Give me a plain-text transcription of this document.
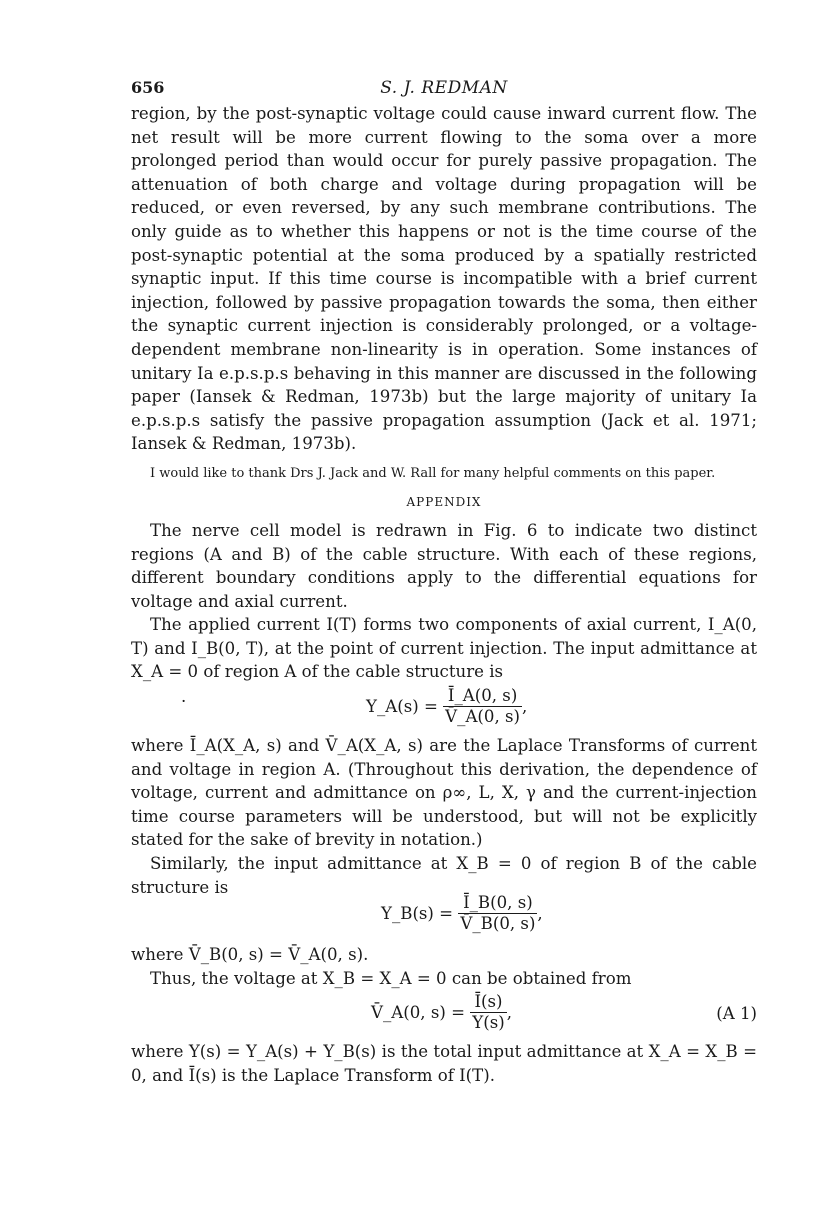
656	S. J. REDMAN

region, by the post-synaptic voltage could cause inward current flow. The net result will be more current flowing to the soma over a more prolonged period than would occur for purely passive propagation. The attenuation of both charge and voltage during propagation will be reduced, or even reversed, by any such membrane contributions. The only guide as to whether this happens or not is the time course of the post-synaptic potential at the soma produced by a spatially restricted synaptic input. If this time course is incompatible with a brief current injection, followed by passive propagation towards the soma, then either the synaptic current injection is considerably prolonged, or a voltage-dependent membrane non-linearity is in operation. Some instances of unitary Ia e.p.s.p.s behaving in this manner are discussed in the following paper (Iansek & Redman, 1973b) but the large majority of unitary Ia e.p.s.p.s satisfy the passive propagation assumption (Jack et al. 1971; Iansek & Redman, 1973b).

I would like to thank Drs J. Jack and W. Rall for many helpful comments on this paper.

APPENDIX

The nerve cell model is redrawn in Fig. 6 to indicate two distinct regions (A and B) of the cable structure. With each of these regions, different boundary conditions apply to the differential equations for voltage and axial current.

The applied current I(T) forms two components of axial current, I_A(0, T) and I_B(0, T), at the point of current injection. The input admittance at X_A = 0 of region A of the cable structure is

·	Y_A(s) = $\frac{Ī\_A(0, s)}{V̄\_A(0, s)}$ ,

where Ī_A(X_A, s) and V̄_A(X_A, s) are the Laplace Transforms of current and voltage in region A. (Throughout this derivation, the dependence of voltage, current and admittance on ρ∞, L, X, γ and the current-injection time course parameters will be understood, but will not be explicitly stated for the sake of brevity in notation.)

Similarly, the input admittance at X_B = 0 of region B of the cable structure is

Y_B(s) = $\frac{Ī\_B(0, s)}{V̄\_B(0, s)}$ ,

where V̄_B(0, s) = V̄_A(0, s).

Thus, the voltage at X_B = X_A = 0 can be obtained from

V̄_A(0, $s) = \frac{Ī(s)}{Y(s)}$ ,	(A 1)

where Y(s) = Y_A(s) + Y_B(s) is the total input admittance at X_A = X_B = 0, and Ī(s) is the Laplace Transform of I(T).
